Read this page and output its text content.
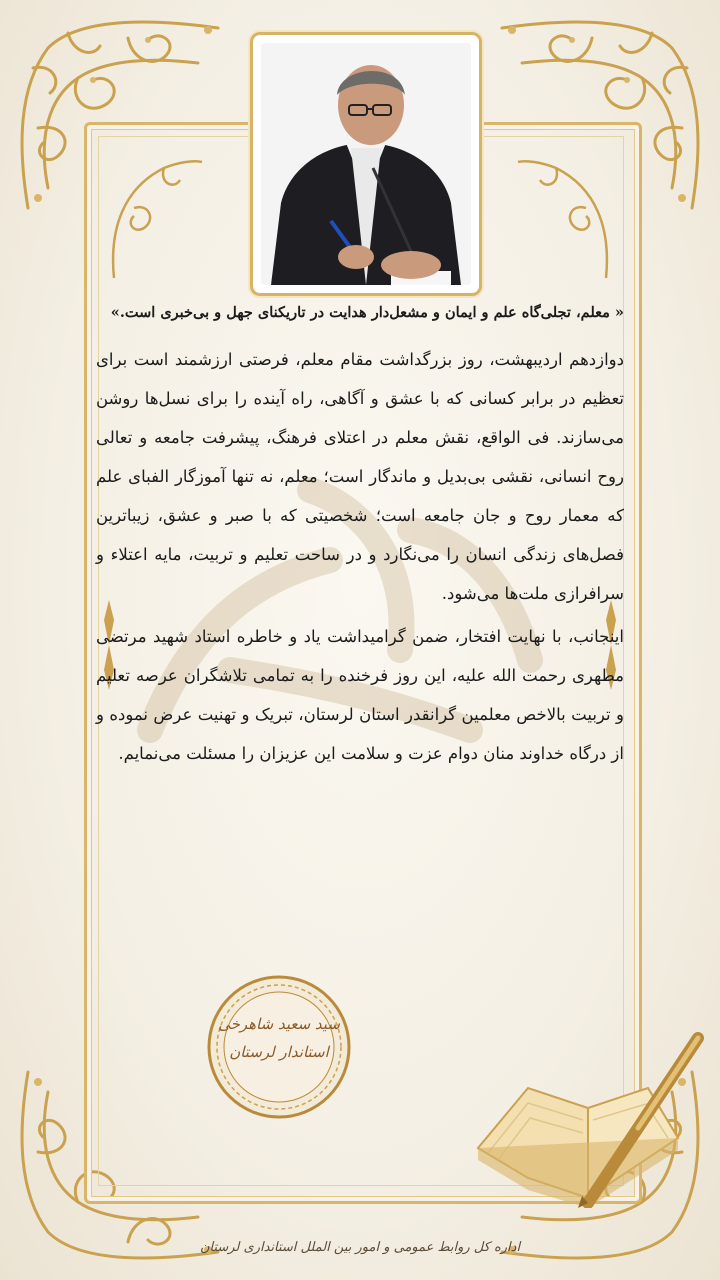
« معلم، تجلی‌گاه علم و ایمان و مشعل‌دار هدایت در تاریکنای جهل و بی‌خبری است.»

دوازدهم اردیبهشت، روز بزرگداشت مقام معلم، فرصتی ارزشمند است برای تعظیم در برابر کسانی که با عشق و آگاهی، راه آینده را برای نسل‌ها روشن می‌سازند. فی الواقع، نقش معلم در اعتلای فرهنگ، پیشرفت جامعه و تعالی روح انسانی، نقشی بی‌بدیل و ماندگار است؛ معلم، نه تنها آموزگار الفبای علم که معمار روح و جان جامعه است؛ شخصیتی که با صبر و عشق، زیباترین فصل‌های زندگی انسان را می‌نگارد و در ساحت تعلیم و تربیت، مایه اعتلاء و سرافرازی ملت‌ها می‌شود.

اینجانب، با نهایت افتخار، ضمن گرامیداشت یاد و خاطره استاد شهید مرتضی مطهری رحمت الله علیه، این روز فرخنده را به تمامی تلاشگران عرصه تعلیم و تربیت بالاخص معلمین گرانقدر استان لرستان، تبریک و تهنیت عرض نموده و از درگاه خداوند منان دوام عزت و سلامت این عزیزان را مسئلت می‌نمایم.

سید سعید شاهرخی
استاندار لرستان
اداره کل روابط عمومی و امور بین الملل استانداری لرستان
